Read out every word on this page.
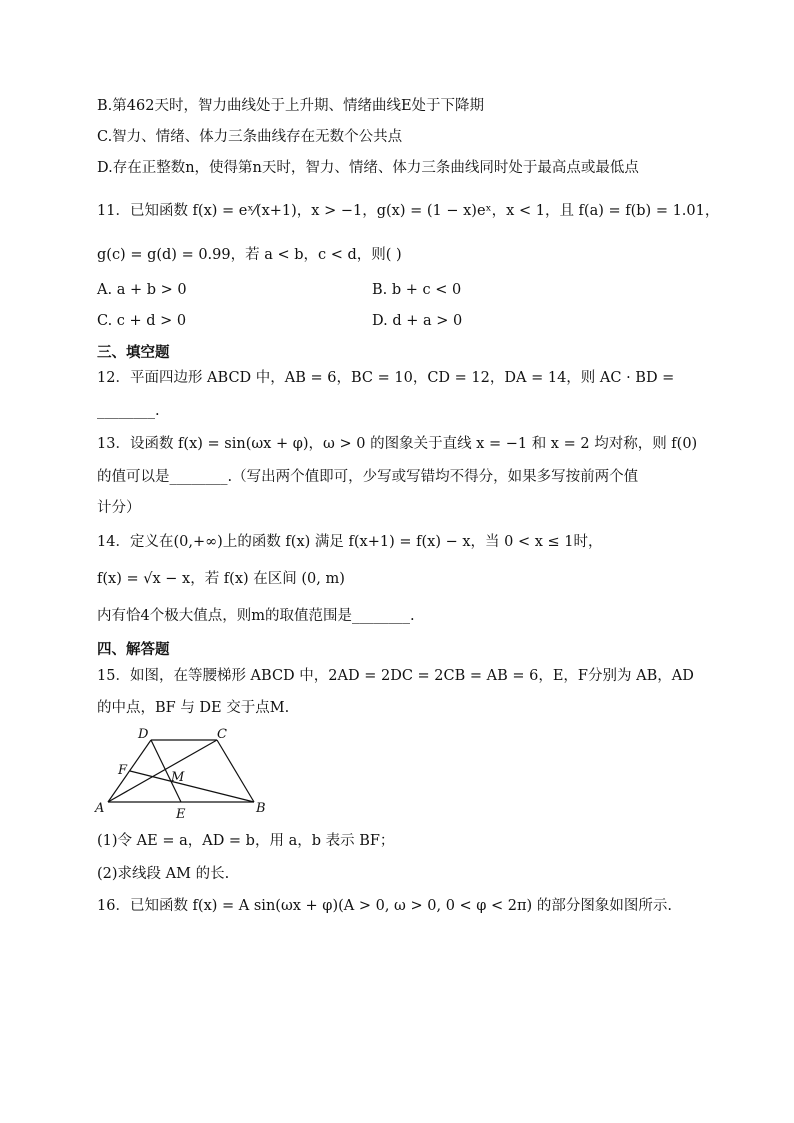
B.第462天时，智力曲线处于上升期、情绪曲线E处于下降期
C.智力、情绪、体力三条曲线存在无数个公共点
D.存在正整数n，使得第n天时，智力、情绪、体力三条曲线同时处于最高点或最低点
11．已知函数 f(x) = eˣ⁄(x+1)，x > −1，g(x) = (1 − x)eˣ，x < 1，且 f(a) = f(b) = 1.01，
g(c) = g(d) = 0.99，若 a < b，c < d，则( )
A. a + b > 0	B. b + c < 0
C. c + d > 0	D. d + a > 0
三、填空题
12．平面四边形 ABCD 中，AB = 6，BC = 10，CD = 12，DA = 14，则 AC · BD =
________.
13．设函数 f(x) = sin(ωx + φ)，ω > 0 的图象关于直线 x = −1 和 x = 2 均对称，则 f(0)
的值可以是________.（写出两个值即可，少写或写错均不得分，如果多写按前两个值
计分）
14．定义在(0,+∞)上的函数 f(x) 满足 f(x+1) = f(x) − x，当 0 < x ≤ 1时，
f(x) = √x − x，若 f(x) 在区间 (0, m)
内有恰4个极大值点，则m的取值范围是________.
四、解答题
15．如图，在等腰梯形 ABCD 中，2AD = 2DC = 2CB = AB = 6，E，F分别为 AB，AD
的中点，BF 与 DE 交于点M.
A	B
C
D
E
F	M
(1)令 AE = a，AD = b，用 a，b 表示 BF；
(2)求线段 AM 的长.
16．已知函数 f(x) = A sin(ωx + φ)(A > 0, ω > 0, 0 < φ < 2π) 的部分图象如图所示.
